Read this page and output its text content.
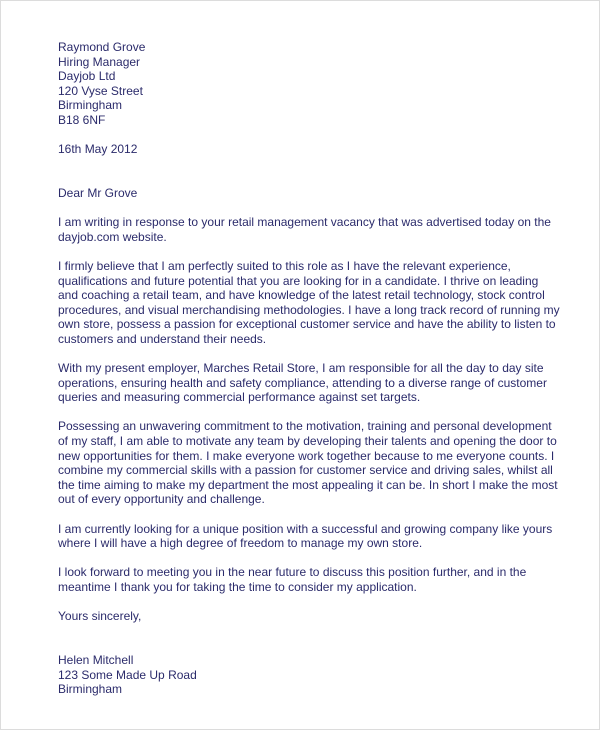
Raymond Grove
Hiring Manager
Dayjob Ltd
120 Vyse Street
Birmingham
B18 6NF
16th May 2012
Dear Mr Grove

I am writing in response to your retail management vacancy that was advertised today on the
dayjob.com website.

I firmly believe that I am perfectly suited to this role as I have the relevant experience,
qualifications and future potential that you are looking for in a candidate. I thrive on leading
and coaching a retail team, and have knowledge of the latest retail technology, stock control
procedures, and visual merchandising methodologies. I have a long track record of running my
own store, possess a passion for exceptional customer service and have the ability to listen to
customers and understand their needs.

With my present employer, Marches Retail Store, I am responsible for all the day to day site
operations, ensuring health and safety compliance, attending to a diverse range of customer
queries and measuring commercial performance against set targets.

Possessing an unwavering commitment to the motivation, training and personal development
of my staff, I am able to motivate any team by developing their talents and opening the door to
new opportunities for them. I make everyone work together because to me everyone counts. I
combine my commercial skills with a passion for customer service and driving sales, whilst all
the time aiming to make my department the most appealing it can be. In short I make the most
out of every opportunity and challenge.

I am currently looking for a unique position with a successful and growing company like yours
where I will have a high degree of freedom to manage my own store.

I look forward to meeting you in the near future to discuss this position further, and in the
meantime I thank you for taking the time to consider my application.

Yours sincerely,
Helen Mitchell
123 Some Made Up Road
Birmingham
